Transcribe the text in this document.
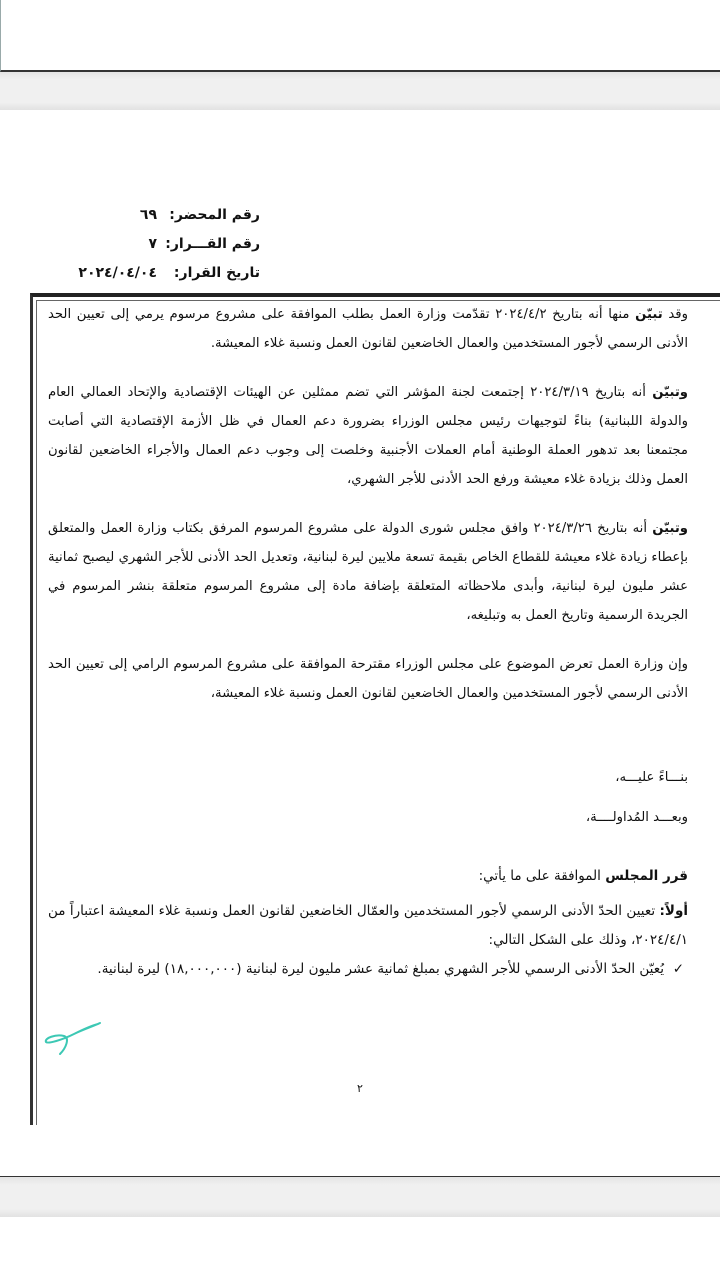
رقم المحضر:
٦٩
رقم القـــرار:
٧
تاريخ القرار:
٢٠٢٤/٠٤/٠٤

وقد تبيّن منها أنه بتاريخ ٢٠٢٤/٤/٢ تقدّمت وزارة العمل بطلب الموافقة على مشروع مرسوم يرمي إلى تعيين الحد الأدنى الرسمي لأجور المستخدمين والعمال الخاضعين لقانون العمل ونسبة غلاء المعيشة.

وتبيّن أنه بتاريخ ٢٠٢٤/٣/١٩ إجتمعت لجنة المؤشر التي تضم ممثلين عن الهيئات الإقتصادية والإتحاد العمالي العام والدولة اللبنانية) بناءً لتوجيهات رئيس مجلس الوزراء بضرورة دعم العمال في ظل الأزمة الإقتصادية التي أصابت مجتمعنا بعد تدهور العملة الوطنية أمام العملات الأجنبية وخلصت إلى وجوب دعم العمال والأجراء الخاضعين لقانون العمل وذلك بزيادة غلاء معيشة ورفع الحد الأدنى للأجر الشهري،

وتبيّن أنه بتاريخ ٢٠٢٤/٣/٢٦ وافق مجلس شورى الدولة على مشروع المرسوم المرفق بكتاب وزارة العمل والمتعلق بإعطاء زيادة غلاء معيشة للقطاع الخاص بقيمة تسعة ملايين ليرة لبنانية، وتعديل الحد الأدنى للأجر الشهري ليصبح ثمانية عشر مليون ليرة لبنانية، وأبدى ملاحظاته المتعلقة بإضافة مادة إلى مشروع المرسوم متعلقة بنشر المرسوم في الجريدة الرسمية وتاريخ العمل به وتبليغه،

وإن وزارة العمل تعرض الموضوع على مجلس الوزراء مقترحة الموافقة على مشروع المرسوم الرامي إلى تعيين الحد الأدنى الرسمي لأجور المستخدمين والعمال الخاضعين لقانون العمل ونسبة غلاء المعيشة،

بنـــاءً عليـــه،
وبعـــد المُداولــــة،
قرر المجلس الموافقة على ما يأتي:
أولاً: تعيين الحدّ الأدنى الرسمي لأجور المستخدمين والعمّال الخاضعين لقانون العمل ونسبة غلاء المعيشة اعتباراً من ٢٠٢٤/٤/١، وذلك على الشكل التالي:
✓يُعيّن الحدّ الأدنى الرسمي للأجر الشهري بمبلغ ثمانية عشر مليون ليرة لبنانية (١٨,٠٠٠,٠٠٠) ليرة لبنانية.
٢
